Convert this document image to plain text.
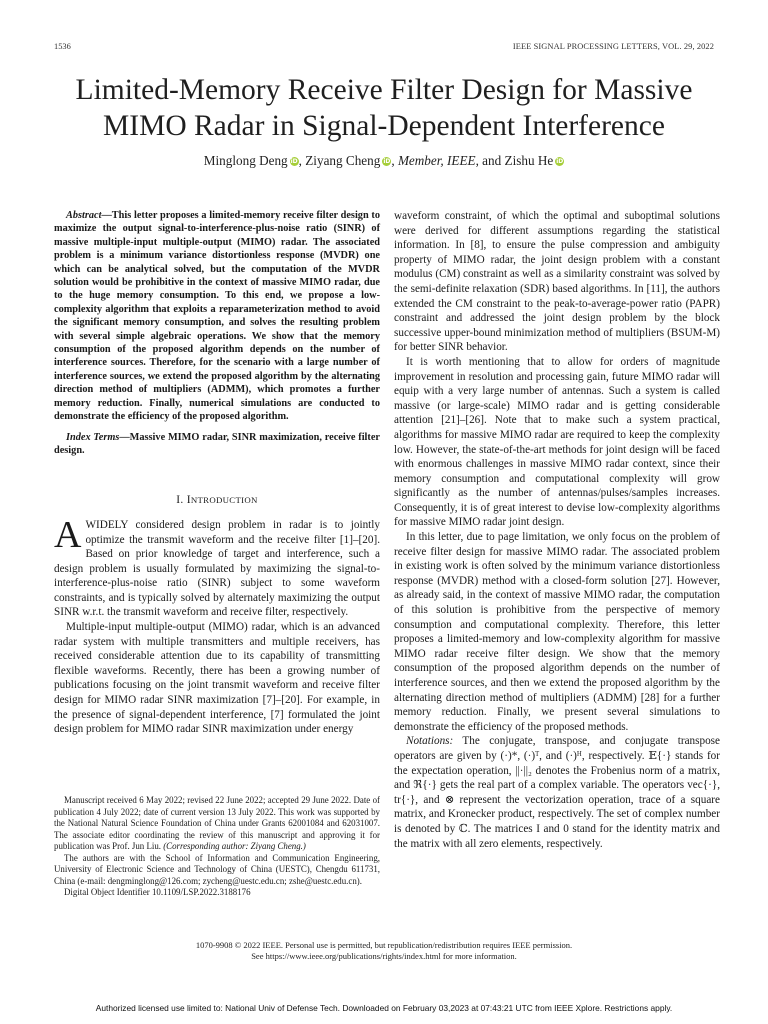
1536	IEEE SIGNAL PROCESSING LETTERS, VOL. 29, 2022
Limited-Memory Receive Filter Design for Massive
MIMO Radar in Signal-Dependent Interference
Minglong Deng iD, Ziyang Cheng iD, Member, IEEE, and Zishu He iD

Abstract—This letter proposes a limited-memory receive filter design to maximize the output signal-to-interference-plus-noise ratio (SINR) of massive multiple-input multiple-output (MIMO) radar. The associated problem is a minimum variance distortionless response (MVDR) one which can be analytical solved, but the computation of the MVDR solution would be prohibitive in the context of massive MIMO radar, due to the huge memory consumption. To this end, we propose a low-complexity algorithm that exploits a reparameterization method to avoid the significant memory consumption, and solves the resulting problem with several simple algebraic operations. We show that the memory consumption of the proposed algorithm depends on the number of interference sources. Therefore, for the scenario with a large number of interference sources, we extend the proposed algorithm by the alternating direction method of multipliers (ADMM), which promotes a further memory reduction. Finally, numerical simulations are conducted to demonstrate the efficiency of the proposed algorithm.

Index Terms—Massive MIMO radar, SINR maximization, receive filter design.

I. INTRODUCTION

AWIDELY considered design problem in radar is to jointly optimize the transmit waveform and the receive filter [1]–[20]. Based on prior knowledge of target and interference, such a design problem is usually formulated by maximizing the signal-to-interference-plus-noise ratio (SINR) subject to some waveform constraints, and is typically solved by alternately maximizing the output SINR w.r.t. the transmit waveform and receive filter, respectively.

Multiple-input multiple-output (MIMO) radar, which is an advanced radar system with multiple transmitters and multiple receivers, has received considerable attention due to its capability of transmitting flexible waveforms. Recently, there has been a growing number of publications focusing on the joint transmit waveform and receive filter design for MIMO radar SINR maximization [7]–[20]. For example, in the presence of signal-dependent interference, [7] formulated the joint design problem for MIMO radar SINR maximization under energy

Manuscript received 6 May 2022; revised 22 June 2022; accepted 29 June 2022. Date of publication 4 July 2022; date of current version 13 July 2022. This work was supported by the National Natural Science Foundation of China under Grants 62001084 and 62031007. The associate editor coordinating the review of this manuscript and approving it for publication was Prof. Jun Liu. (Corresponding author: Ziyang Cheng.)

The authors are with the School of Information and Communication Engineering, University of Electronic Science and Technology of China (UESTC), Chengdu 611731, China (e-mail: dengminglong@126.com; zycheng@uestc.edu.cn; zshe@uestc.edu.cn).

Digital Object Identifier 10.1109/LSP.2022.3188176

waveform constraint, of which the optimal and suboptimal solutions were derived for different assumptions regarding the statistical information. In [8], to ensure the pulse compression and ambiguity property of MIMO radar, the joint design problem with a constant modulus (CM) constraint as well as a similarity constraint was solved by the semi-definite relaxation (SDR) based algorithms. In [11], the authors extended the CM constraint to the peak-to-average-power ratio (PAPR) constraint and addressed the joint design problem by the block successive upper-bound minimization method of multipliers (BSUM-M) for better SINR behavior.

It is worth mentioning that to allow for orders of magnitude improvement in resolution and processing gain, future MIMO radar will equip with a very large number of antennas. Such a system is called massive (or large-scale) MIMO radar and is getting considerable attention [21]–[26]. Note that to make such a system practical, algorithms for massive MIMO radar are required to keep the complexity low. However, the state-of-the-art methods for joint design will be faced with enormous challenges in massive MIMO radar context, since their memory consumption and computational complexity will grow significantly as the number of antennas/pulses/samples increases. Consequently, it is of great interest to devise low-complexity algorithms for massive MIMO radar joint design.

In this letter, due to page limitation, we only focus on the problem of receive filter design for massive MIMO radar. The associated problem in existing work is often solved by the minimum variance distortionless response (MVDR) method with a closed-form solution [27]. However, as already said, in the context of massive MIMO radar, the computation of this solution is prohibitive from the perspective of memory consumption and computational complexity. Therefore, this letter proposes a limited-memory and low-complexity algorithm for massive MIMO radar receive filter design. We show that the memory consumption of the proposed algorithm depends on the number of interference sources, and then we extend the proposed algorithm by the alternating direction method of multipliers (ADMM) [28] for a further memory reduction. Finally, we present several simulations to demonstrate the efficiency of the proposed methods.

Notations: The conjugate, transpose, and conjugate transpose operators are given by (·)*, (·)ᵀ, and (·)ᴴ, respectively. 𝔼{·} stands for the expectation operation, ||·||₂ denotes the Frobenius norm of a matrix, and ℜ{·} gets the real part of a complex variable. The operators vec{·}, tr{·}, and ⊗ represent the vectorization operation, trace of a square matrix, and Kronecker product, respectively. The set of complex number is denoted by ℂ. The matrices I and 0 stand for the identity matrix and the matrix with all zero elements, respectively.

1070-9908 © 2022 IEEE. Personal use is permitted, but republication/redistribution requires IEEE permission.
See https://www.ieee.org/publications/rights/index.html for more information.
Authorized licensed use limited to: National Univ of Defense Tech. Downloaded on February 03,2023 at 07:43:21 UTC from IEEE Xplore. Restrictions apply.
